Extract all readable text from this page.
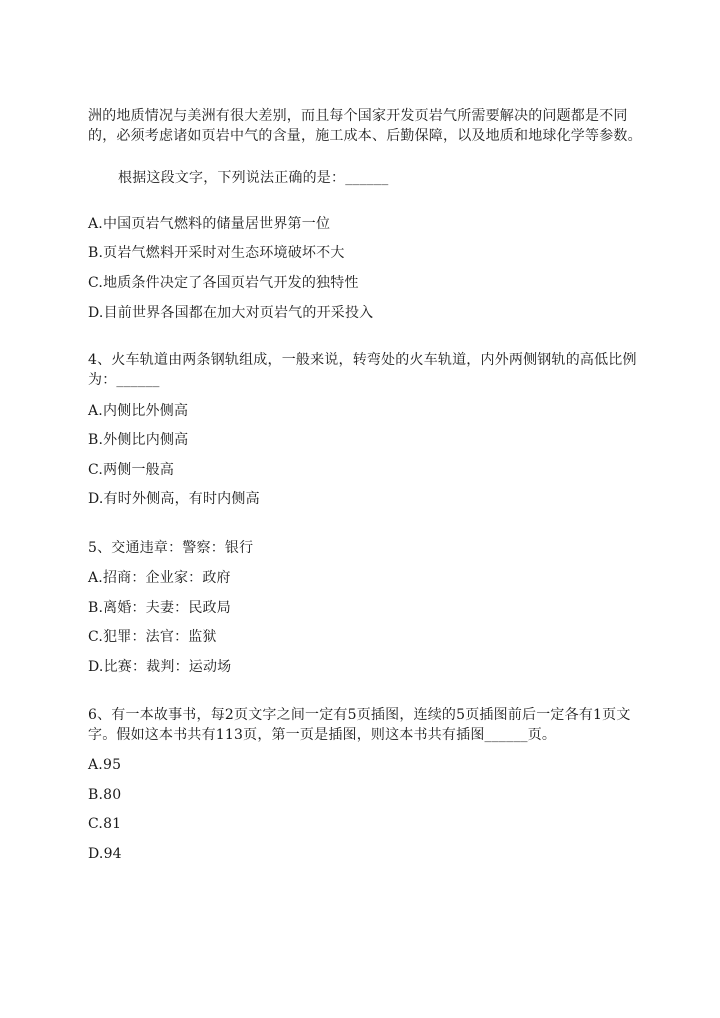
洲的地质情况与美洲有很大差别，而且每个国家开发页岩气所需要解决的问题都是不同的，必须考虑诸如页岩中气的含量，施工成本、后勤保障，以及地质和地球化学等参数。
根据这段文字，下列说法正确的是：______
A.中国页岩气燃料的储量居世界第一位
B.页岩气燃料开采时对生态环境破坏不大
C.地质条件决定了各国页岩气开发的独特性
D.目前世界各国都在加大对页岩气的开采投入
4、火车轨道由两条钢轨组成，一般来说，转弯处的火车轨道，内外两侧钢轨的高低比例为：______
A.内侧比外侧高
B.外侧比内侧高
C.两侧一般高
D.有时外侧高，有时内侧高
5、交通违章：警察：银行
A.招商：企业家：政府
B.离婚：夫妻：民政局
C.犯罪：法官：监狱
D.比赛：裁判：运动场
6、有一本故事书，每2页文字之间一定有5页插图，连续的5页插图前后一定各有1页文字。假如这本书共有113页，第一页是插图，则这本书共有插图______页。
A.95
B.80
C.81
D.94
